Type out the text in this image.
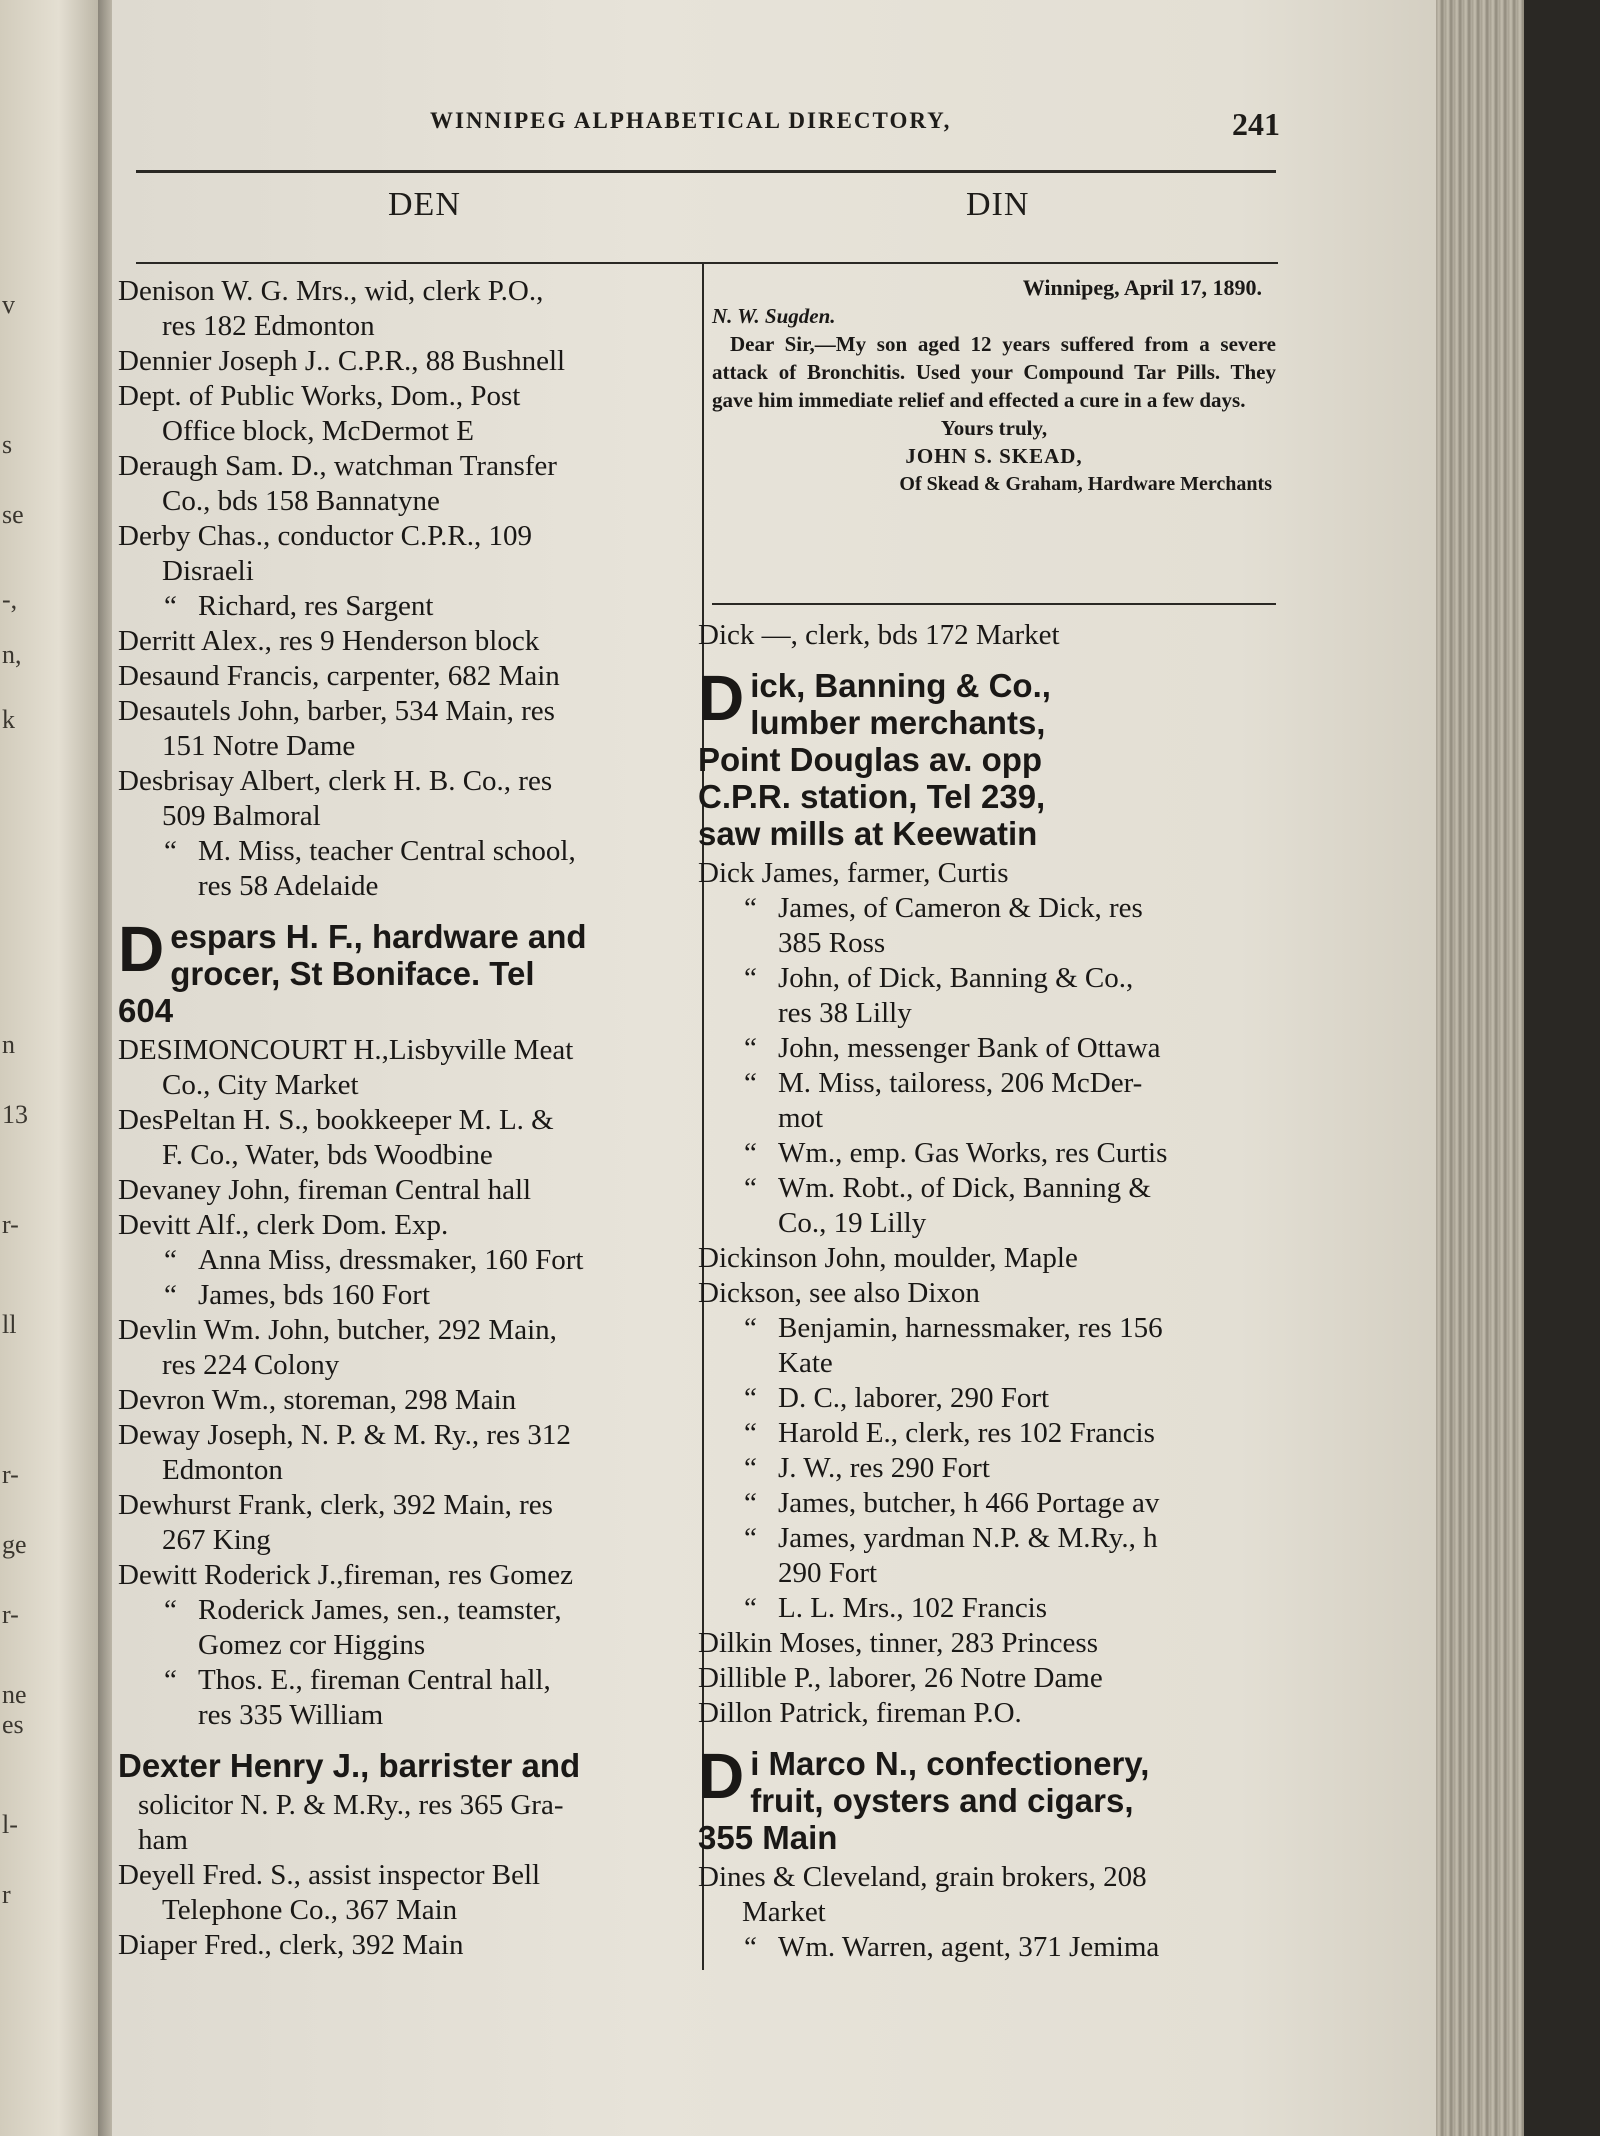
v
s
se
-,
n,
k
n
13
r-
ll
r-
ge
r-
ne
es
l-
r
WINNIPEG ALPHABETICAL DIRECTORY,	241
DEN	DIN
Denison W. G. Mrs., wid, clerk P.O.,
res 182 Edmonton
Dennier Joseph J.. C.P.R., 88 Bushnell
Dept. of Public Works, Dom., Post
Office block, McDermot E
Deraugh Sam. D., watchman Transfer
Co., bds 158 Bannatyne
Derby Chas., conductor C.P.R., 109
Disraeli
“ Richard, res Sargent
Derritt Alex., res 9 Henderson block
Desaund Francis, carpenter, 682 Main
Desautels John, barber, 534 Main, res
151 Notre Dame
Desbrisay Albert, clerk H. B. Co., res
509 Balmoral
“ M. Miss, teacher Central school,
res 58 Adelaide
D espars H. F., hardware and
grocer, St Boniface. Tel
604
DESIMONCOURT H.,Lisbyville Meat
Co., City Market
DesPeltan H. S., bookkeeper M. L. &
F. Co., Water, bds Woodbine
Devaney John, fireman Central hall
Devitt Alf., clerk Dom. Exp.
“ Anna Miss, dressmaker, 160 Fort
“ James, bds 160 Fort
Devlin Wm. John, butcher, 292 Main,
res 224 Colony
Devron Wm., storeman, 298 Main
Deway Joseph, N. P. & M. Ry., res 312
Edmonton
Dewhurst Frank, clerk, 392 Main, res
267 King
Dewitt Roderick J.,fireman, res Gomez
“ Roderick James, sen., teamster,
Gomez cor Higgins
“ Thos. E., fireman Central hall,
res 335 William
Dexter Henry J., barrister and
solicitor N. P. & M.Ry., res 365 Gra-
ham
Deyell Fred. S., assist inspector Bell
Telephone Co., 367 Main
Diaper Fred., clerk, 392 Main
Winnipeg, April 17, 1890.
N. W. Sugden.
Dear Sir,—My son aged 12 years suffered from a severe attack of Bronchitis. Used your Compound Tar Pills. They gave him immediate relief and effected a cure in a few days.
Yours truly,
JOHN S. SKEAD,
Of Skead & Graham, Hardware Merchants
Dick —, clerk, bds 172 Market
D ick, Banning & Co.,
lumber merchants,
Point Douglas av. opp
C.P.R. station, Tel 239,
saw mills at Keewatin
Dick James, farmer, Curtis
“ James, of Cameron & Dick, res
385 Ross
“ John, of Dick, Banning & Co.,
res 38 Lilly
“ John, messenger Bank of Ottawa
“ M. Miss, tailoress, 206 McDer-
mot
“ Wm., emp. Gas Works, res Curtis
“ Wm. Robt., of Dick, Banning &
Co., 19 Lilly
Dickinson John, moulder, Maple
Dickson, see also Dixon
“ Benjamin, harnessmaker, res 156
Kate
“ D. C., laborer, 290 Fort
“ Harold E., clerk, res 102 Francis
“ J. W., res 290 Fort
“ James, butcher, h 466 Portage av
“ James, yardman N.P. & M.Ry., h
290 Fort
“ L. L. Mrs., 102 Francis
Dilkin Moses, tinner, 283 Princess
Dillible P., laborer, 26 Notre Dame
Dillon Patrick, fireman P.O.
D i Marco N., confectionery,
fruit, oysters and cigars,
355 Main
Dines & Cleveland, grain brokers, 208
Market
“ Wm. Warren, agent, 371 Jemima
